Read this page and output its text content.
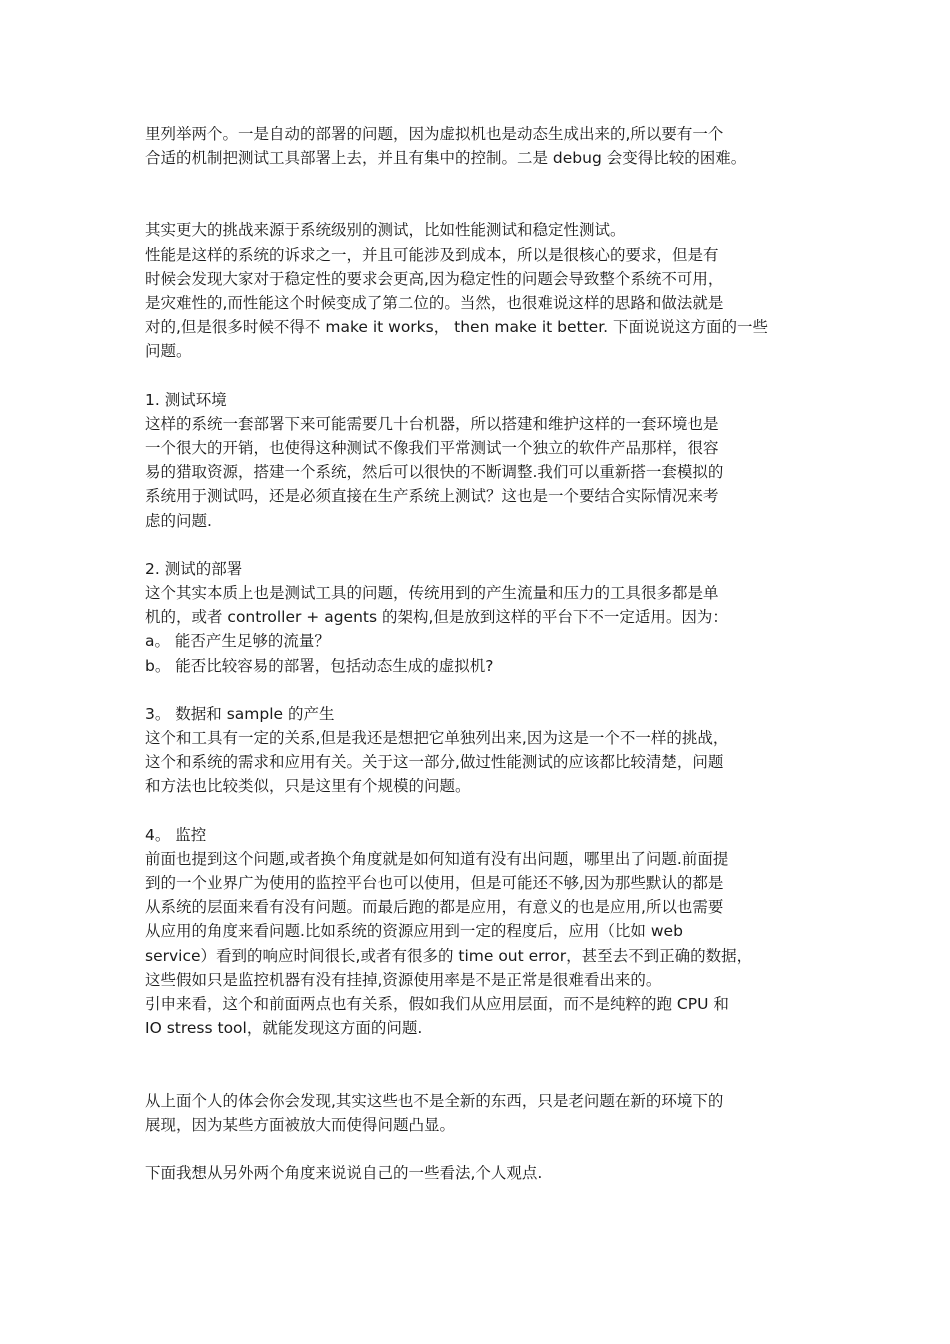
里列举两个。一是自动的部署的问题，因为虚拟机也是动态生成出来的,所以要有一个
合适的机制把测试工具部署上去，并且有集中的控制。二是 debug 会变得比较的困难。

其实更大的挑战来源于系统级别的测试，比如性能测试和稳定性测试。
性能是这样的系统的诉求之一，并且可能涉及到成本，所以是很核心的要求，但是有
时候会发现大家对于稳定性的要求会更高,因为稳定性的问题会导致整个系统不可用，
是灾难性的,而性能这个时候变成了第二位的。当然，也很难说这样的思路和做法就是
对的,但是很多时候不得不 make it works， then make it better. 下面说说这方面的一些
问题。

1. 测试环境
这样的系统一套部署下来可能需要几十台机器，所以搭建和维护这样的一套环境也是
一个很大的开销，也使得这种测试不像我们平常测试一个独立的软件产品那样，很容
易的猎取资源，搭建一个系统，然后可以很快的不断调整.我们可以重新搭一套模拟的
系统用于测试吗，还是必须直接在生产系统上测试？这也是一个要结合实际情况来考
虑的问题.

2. 测试的部署
这个其实本质上也是测试工具的问题，传统用到的产生流量和压力的工具很多都是单
机的，或者 controller + agents 的架构,但是放到这样的平台下不一定适用。因为：
a。 能否产生足够的流量？
b。 能否比较容易的部署，包括动态生成的虚拟机?

3。 数据和 sample 的产生
这个和工具有一定的关系,但是我还是想把它单独列出来,因为这是一个不一样的挑战，
这个和系统的需求和应用有关。关于这一部分,做过性能测试的应该都比较清楚，问题
和方法也比较类似，只是这里有个规模的问题。

4。 监控
前面也提到这个问题,或者换个角度就是如何知道有没有出问题，哪里出了问题.前面提
到的一个业界广为使用的监控平台也可以使用，但是可能还不够,因为那些默认的都是
从系统的层面来看有没有问题。而最后跑的都是应用，有意义的也是应用,所以也需要
从应用的角度来看问题.比如系统的资源应用到一定的程度后，应用（比如 web
service）看到的响应时间很长,或者有很多的 time out error，甚至去不到正确的数据，
这些假如只是监控机器有没有挂掉,资源使用率是不是正常是很难看出来的。
引申来看，这个和前面两点也有关系，假如我们从应用层面，而不是纯粹的跑 CPU 和
IO stress tool，就能发现这方面的问题.

从上面个人的体会你会发现,其实这些也不是全新的东西，只是老问题在新的环境下的
展现，因为某些方面被放大而使得问题凸显。

下面我想从另外两个角度来说说自己的一些看法,个人观点.
